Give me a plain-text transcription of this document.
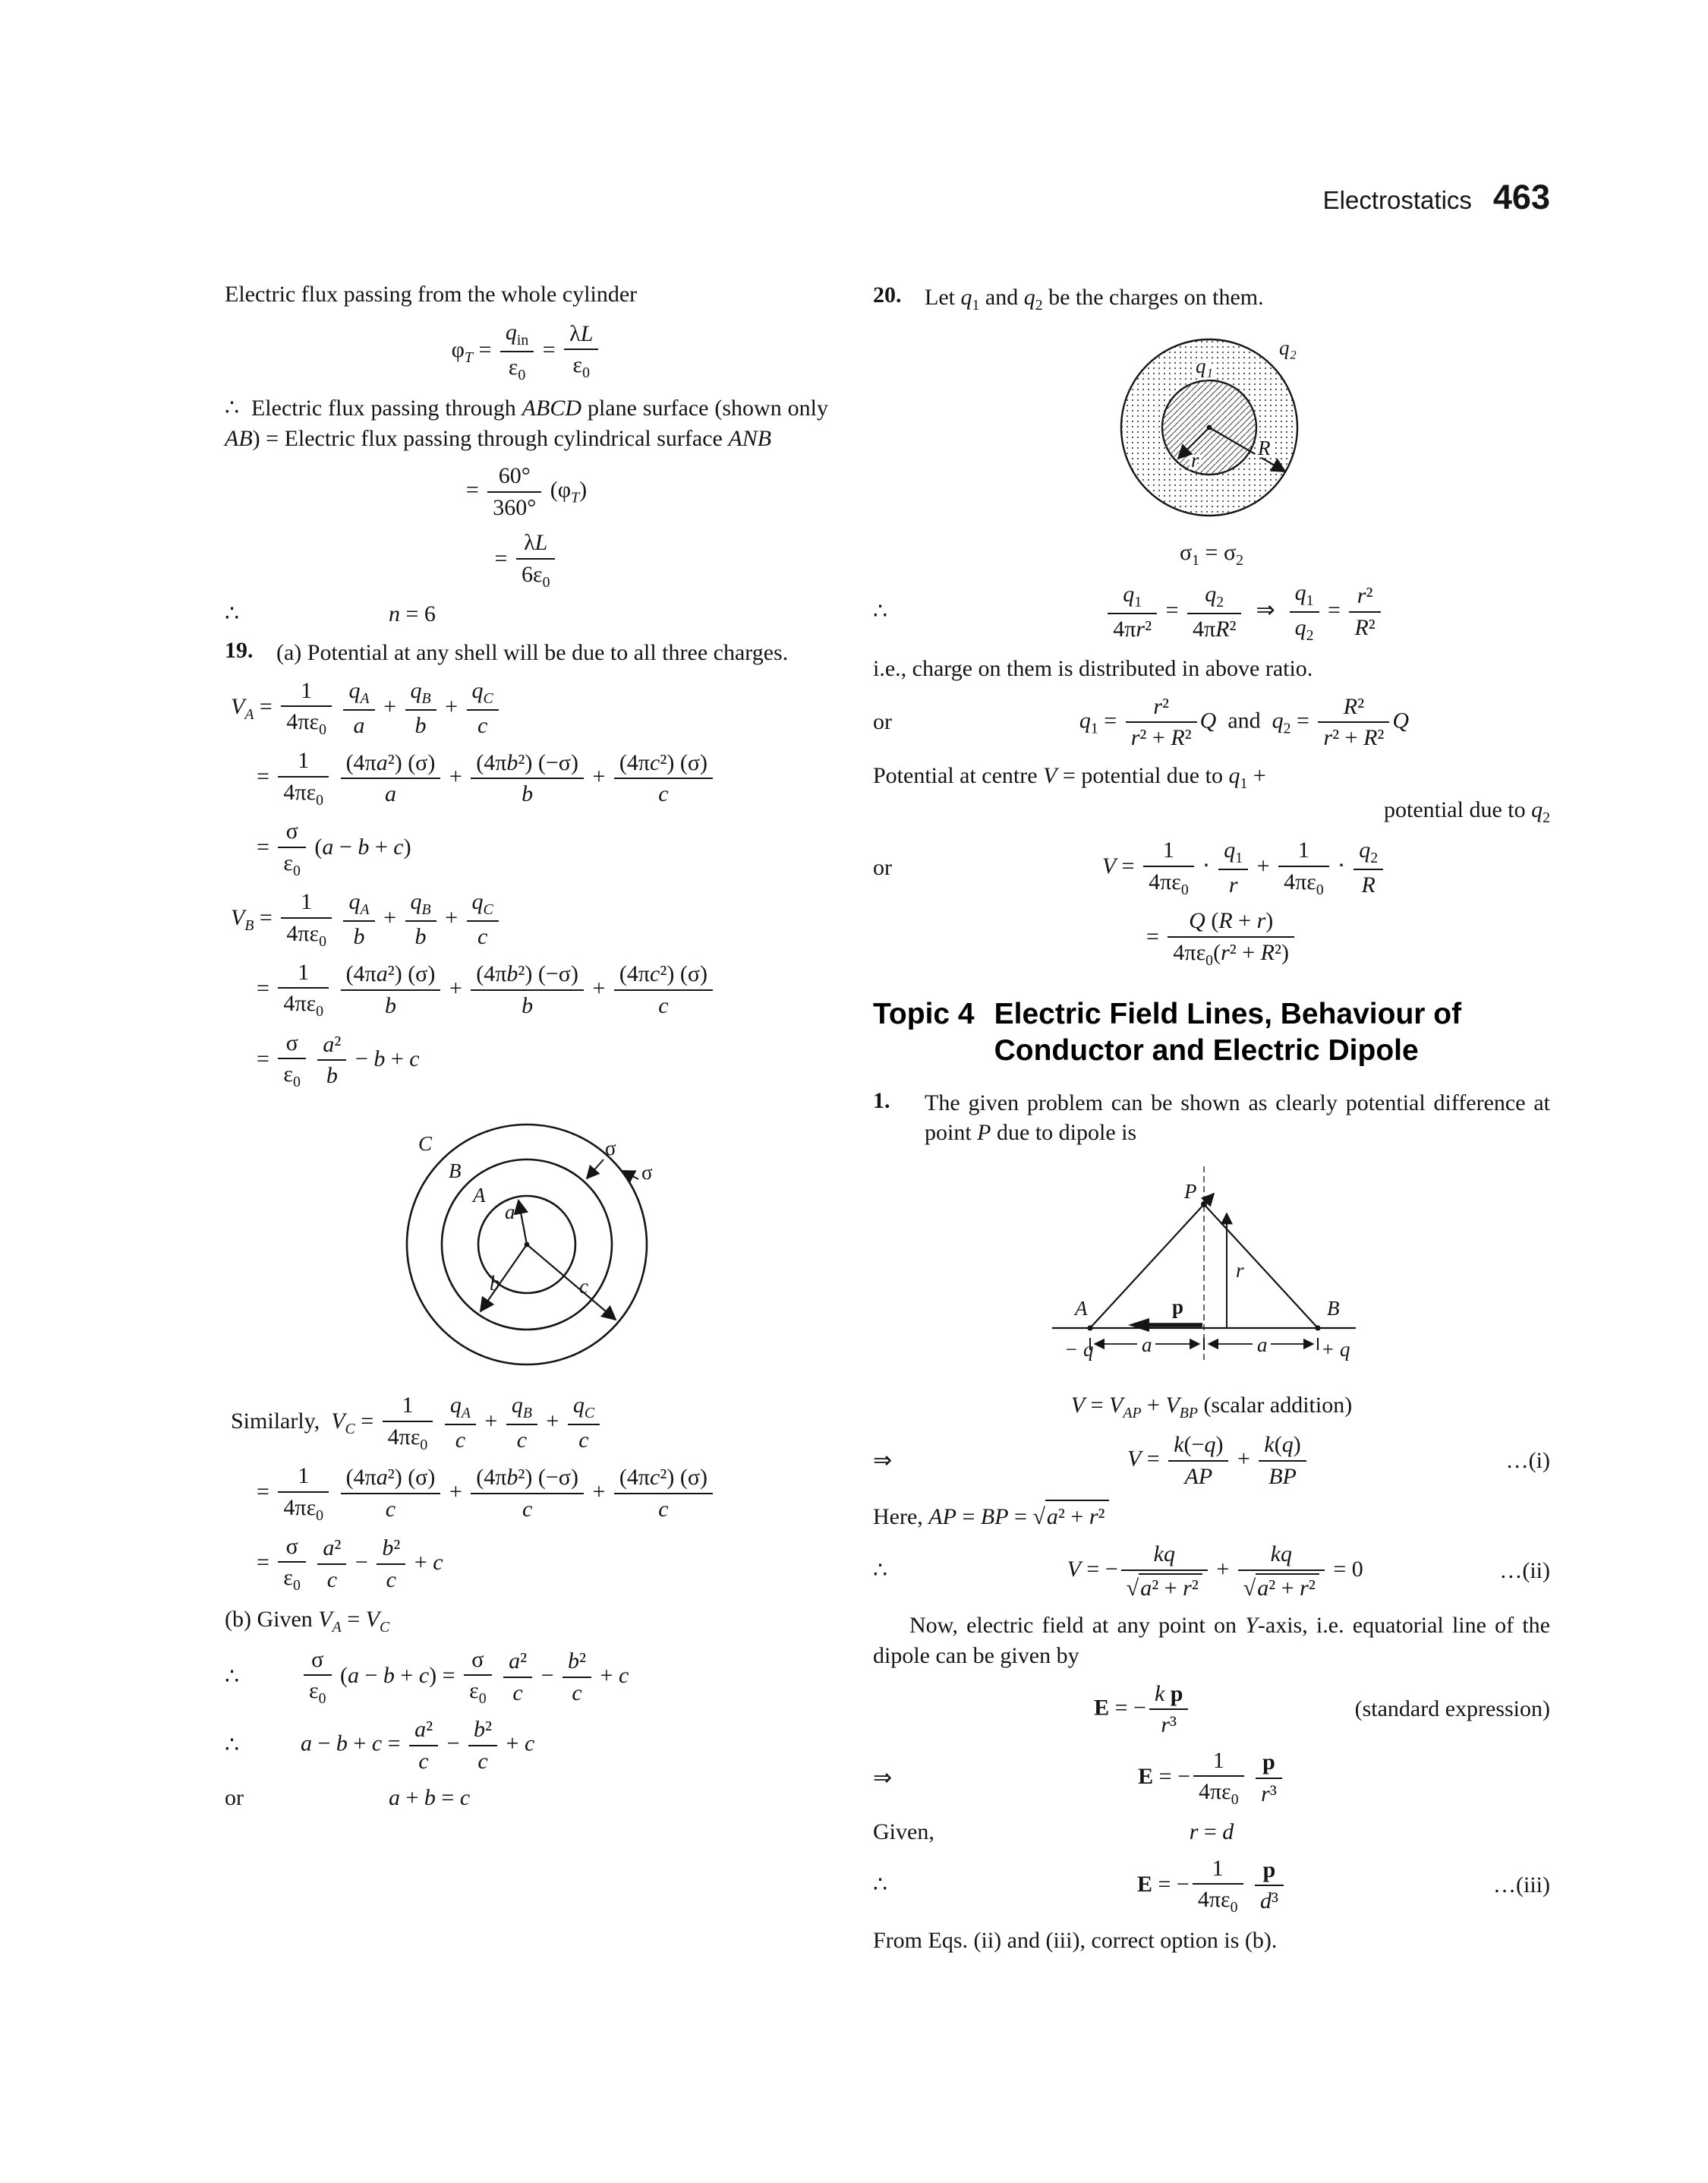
Electrostatics 463

Electric flux passing from the whole cylinder

$\varphi_T$ =
$q_{in}$
$\varepsilon_0$
= $\frac{\lambda L}{\varepsilon_0}$

∴  Electric flux passing through ABCD plane surface (shown only AB) = Electric flux passing through cylindrical surface ANB

= $\frac{60^\circ}{360^\circ} (\varphi_T)$
= $\frac{\lambda L}{6\varepsilon_0}$
∴	n = 6
19.	(a) Potential at any shell will be due to all three charges.
$V_A = \frac{1}{4\pi\varepsilon_0}$
$\frac{q_A}{a} + \frac{q_B}{b} + \frac{q_C}{c}$
= $\frac{1}{4\pi\varepsilon_0}$
$\frac{\text{(4πa²) (σ)}}{a} + \frac{\text{(4πb²) (−σ)}}{b} + \frac{\text{(4πc²) (σ)}}{c}$
= $\frac{\sigma}{\varepsilon_0} (a - b + c)$
$V_B = \frac{1}{4\pi\varepsilon_0}$
$\frac{q_A}{b} + \frac{q_B}{b} + \frac{q_C}{c}$
= $\frac{1}{4\pi\varepsilon_0}$
$\frac{\text{(4πa²) (σ)}}{b} + \frac{\text{(4πb²) (−σ)}}{b} + \frac{\text{(4πc²) (σ)}}{c}$
= $\frac{\sigma}{\varepsilon_0}$
$\frac{\text{a²}}{b} - b + c$
C
B
A
a
b	c
σ
σ
Similarly,  $V_C = \frac{1}{4\pi\varepsilon_0}$
$\frac{q_A}{c} + \frac{q_B}{c} + \frac{q_C}{c}$
= $\frac{1}{4\pi\varepsilon_0}$
$\frac{\text{(4πa²) (σ)}}{c} + \frac{\text{(4πb²) (−σ)}}{c} + \frac{\text{(4πc²) (σ)}}{c}$
= $\frac{\sigma}{\varepsilon_0}$
$\frac{\text{a²}}{c} - \frac{\text{b²}}{c} + c$

(b) Given $V_A = V_C$

∴	$\frac{\sigma}{\varepsilon_0} (a - b + c) = \frac{\sigma}{\varepsilon_0}$
$\frac{\text{a²}}{c} - \frac{\text{b²}}{c} + c$
∴	$a - b + c = \frac{\text{a²}}{c} - \frac{\text{b²}}{c} + c$
or	a + b = c
20.	Let $q_1$ and $q_2$ be the charges on them.
q₁
q₂
r
R
$\sigma_1 = \sigma_2$
∴	$\frac{q_1}{\text{4πr²}} = \frac{q_2}{\text{4πR²}}$ ⇒ $\frac{q_1}{q_2} = \frac{\text{r²}}{\text{R²}}$

i.e., charge on them is distributed in above ratio.

or	$q_1 = \frac{\text{r²}}{\text{r² + R²}}$ Q  and  $q_2 = \frac{\text{R²}}{\text{r² + R²}}$ Q

Potential at centre V = potential due to $q_1$ +

potential due to $q_2$

or	$V = \frac{1}{4\pi\varepsilon_0} \cdot \frac{q_1}{r} + \frac{1}{4\pi\varepsilon_0} \cdot \frac{q_2}{R}$
= $\frac{Q (R + r)}{4\pi\varepsilon_0(r^2 + R^2)}$
Topic 4 Electric Field Lines, Behaviour of
Conductor and Electric Dipole
1.	The given problem can be shown as clearly potential difference at point P due to dipole is
P
A	B
− q	+ q
r
p
a	a
$V = V_{AP} + V_{BP}$ (scalar addition)
⇒	$V = \frac{k(-q)}{AP} + \frac{k(q)}{BP}$	…(i)

Here, AP = BP = √a² + r²

∴	V = − $\frac{kq}{\text{√a² + r²}} + \frac{kq}{\text{√a² + r²}} = 0$	…(ii)

Now, electric field at any point on Y-axis, i.e. equatorial line of the dipole can be given by

E = − $\frac{\text{k p}}{\text{r³}}$	(standard expression)
⇒	E = − $\frac{1}{4\pi\varepsilon_0}$
$\frac{p}{\text{r³}}$
Given,	r = d
∴	E = − $\frac{1}{4\pi\varepsilon_0}$
$\frac{p}{\text{d³}}$	…(iii)

From Eqs. (ii) and (iii), correct option is (b).
